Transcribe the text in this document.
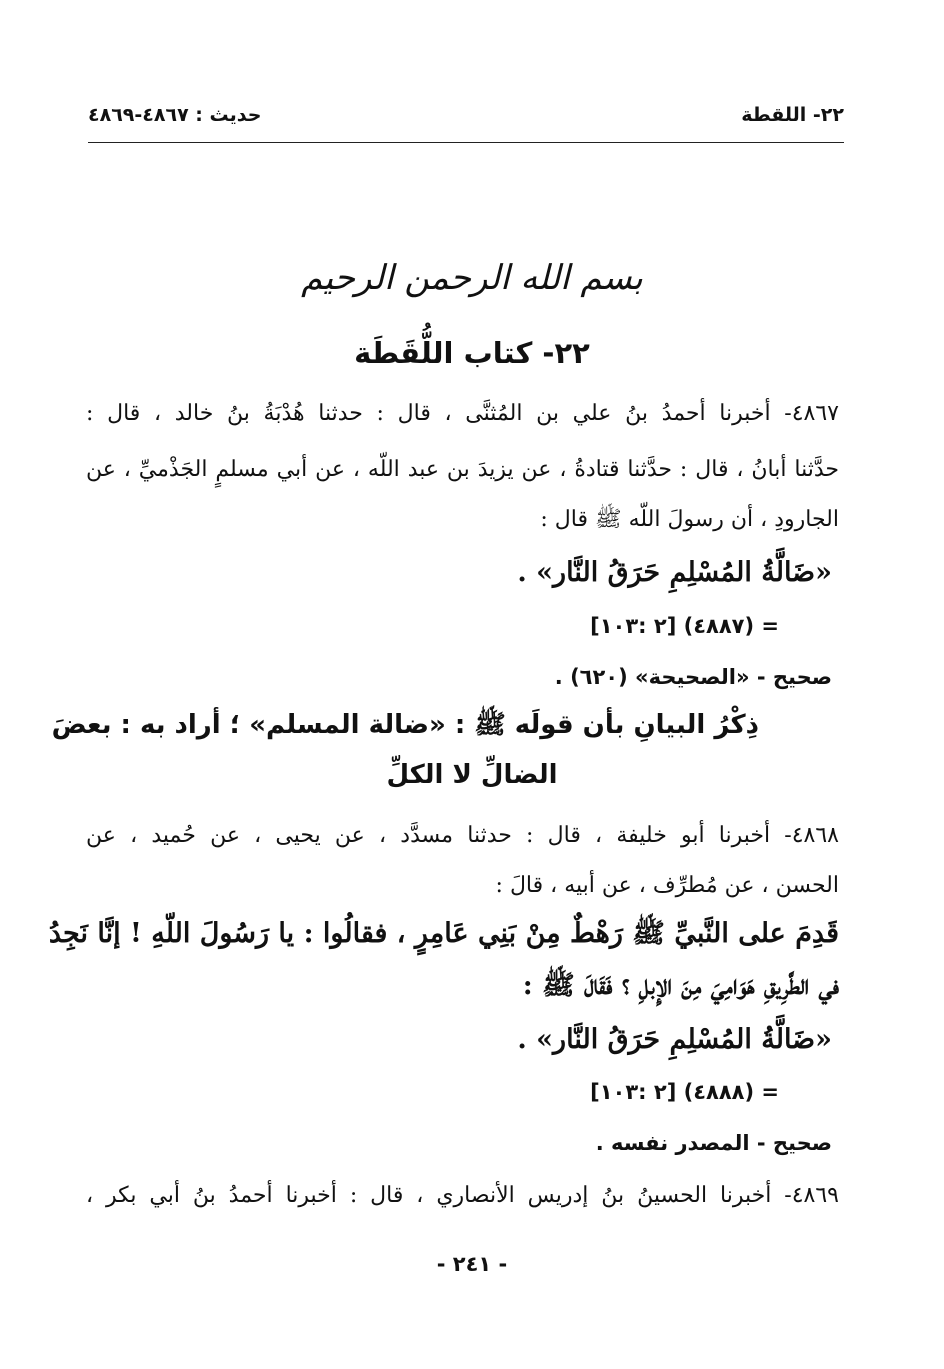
٢٢- اللقطة
حديث : ٤٨٦٧-٤٨٦٩
بسم الله الرحمن الرحيم
٢٢- كتاب اللُّقَطَة
٤٨٦٧- أخبرنا أحمدُ بنُ علي بن المُثنَّى ، قال : حدثنا هُدْبَةُ بنُ خالد ، قال :
حدَّثنا أبانُ ، قال : حدَّثنا قتادةُ ، عن يزيدَ بن عبد اللّه ، عن أبي مسلمٍ الجَذْميِّ ، عن
الجارودِ ، أن رسولَ اللّه ﷺ قال :
«ضَالَّةُ المُسْلِمِ حَرَقُ النَّار» .
= (٤٨٨٧) [٢ :١٠٣]
صحيح - «الصحيحة» (٦٢٠) .
ذِكْرُ البيانِ بأن قولَه ﷺ : «ضالة المسلم» ؛ أراد به : بعضَ
الضالِّ لا الكلِّ
٤٨٦٨- أخبرنا أبو خليفة ، قال : حدثنا مسدَّد ، عن يحيى ، عن حُميد ، عن
الحسن ، عن مُطرِّف ، عن أبيه ، قالَ :
قَدِمَ على النَّبيِّ ﷺ رَهْطٌ مِنْ بَنِي عَامِرٍ ، فقالُوا : يا رَسُولَ اللّهِ ! إنَّا نَجِدُ
في الطَّرِيقِ هَوَامِيَ مِنَ الإِبلِ ؟ فَقَالَ ﷺ :
«ضَالَّةُ المُسْلِمِ حَرَقُ النَّار» .
= (٤٨٨٨) [٢ :١٠٣]
صحيح - المصدر نفسه .
٤٨٦٩- أخبرنا الحسينُ بنُ إدريس الأنصاري ، قال : أخبرنا أحمدُ بنُ أبي بكر ،
- ٢٤١ -
